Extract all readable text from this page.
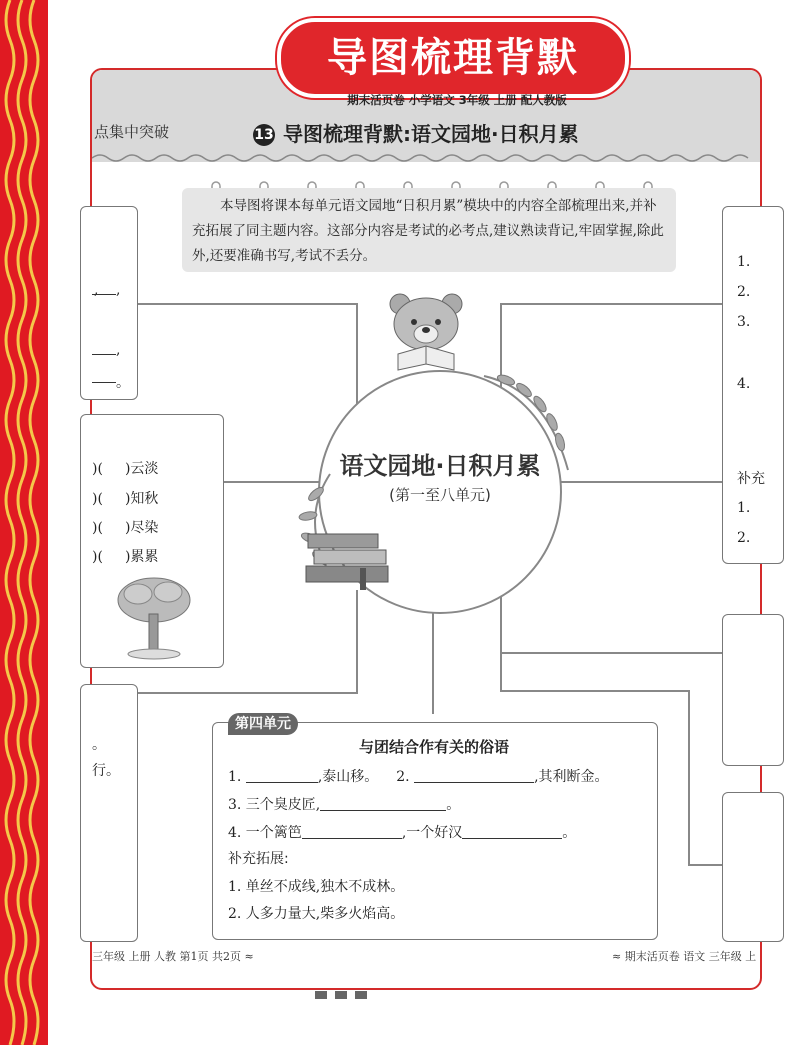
导图梳理背默
期末活页卷 小学语文 3年级 上册 配人教版
点集中突破	13 导图梳理背默:语文园地·日积月累
本导图将课本每单元语文园地“日积月累”模块中的内容全部梳理出来,并补充拓展了同主题内容。这部分内容是考试的必考点,建议熟读背记,牢固掌握,除此外,还要准确书写,考试不丢分。
, ,
,
。
)( )云淡
)( )知秋
)( )尽染
)( )累累
。
行。
1.
2.
3.
4.
补充
1.
2.
语文园地·日积月累
(第一至八单元)
第四单元
与团结合作有关的俗语
1.	,泰山移。 2.	,其利断金。
3. 三个臭皮匠,	。
4. 一个篱笆	,一个好汉	。
补充拓展:
1. 单丝不成线,独木不成林。
2. 人多力量大,柴多火焰高。
三年级 上册 人教 第1页 共2页 ≈	≈ 期末活页卷 语文 三年级 上
